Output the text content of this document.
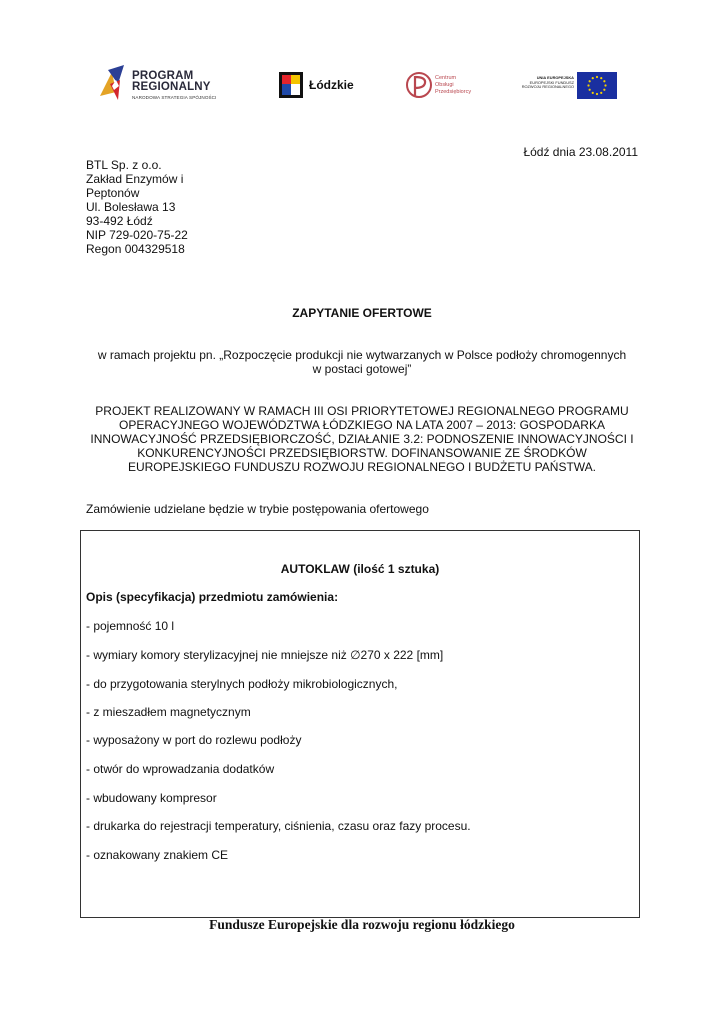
PROGRAM
REGIONALNY
NARODOWA STRATEGIA SPÓJNOŚCI
Łódzkie	Centrum
Obsługi
Przedsiębiorcy
UNIA EUROPEJSKA
EUROPEJSKI FUNDUSZ
ROZWOJU REGIONALNEGO
Łódź dnia 23.08.2011
BTL Sp. z o.o.
Zakład Enzymów i
Peptonów
Ul. Bolesława 13
93-492 Łódź
NIP 729-020-75-22
Regon 004329518
ZAPYTANIE OFERTOWE
w ramach projektu pn. „Rozpoczęcie produkcji nie wytwarzanych w Polsce podłoży chromogennych
w postaci gotowej”
PROJEKT REALIZOWANY W RAMACH III OSI PRIORYTETOWEJ REGIONALNEGO PROGRAMU
OPERACYJNEGO WOJEWÓDZTWA ŁÓDZKIEGO NA LATA 2007 – 2013: GOSPODARKA
INNOWACYJNOŚĆ PRZEDSIĘBIORCZOŚĆ, DZIAŁANIE 3.2: PODNOSZENIE INNOWACYJNOŚCI I
KONKURENCYJNOŚCI PRZEDSIĘBIORSTW. DOFINANSOWANIE ZE ŚRODKÓW
EUROPEJSKIEGO FUNDUSZU ROZWOJU REGIONALNEGO I BUDŻETU PAŃSTWA.
Zamówienie udzielane będzie w trybie postępowania ofertowego
AUTOKLAW (ilość 1 sztuka)
Opis (specyfikacja) przedmiotu zamówienia:
- pojemność 10 l
- wymiary komory sterylizacyjnej nie mniejsze niż ∅270 x 222 [mm]
- do przygotowania sterylnych podłoży mikrobiologicznych,
- z mieszadłem magnetycznym
- wyposażony w port do rozlewu podłoży
- otwór do wprowadzania dodatków
- wbudowany kompresor
- drukarka do rejestracji temperatury, ciśnienia, czasu oraz fazy procesu.
- oznakowany znakiem CE
Fundusze Europejskie dla rozwoju regionu łódzkiego
